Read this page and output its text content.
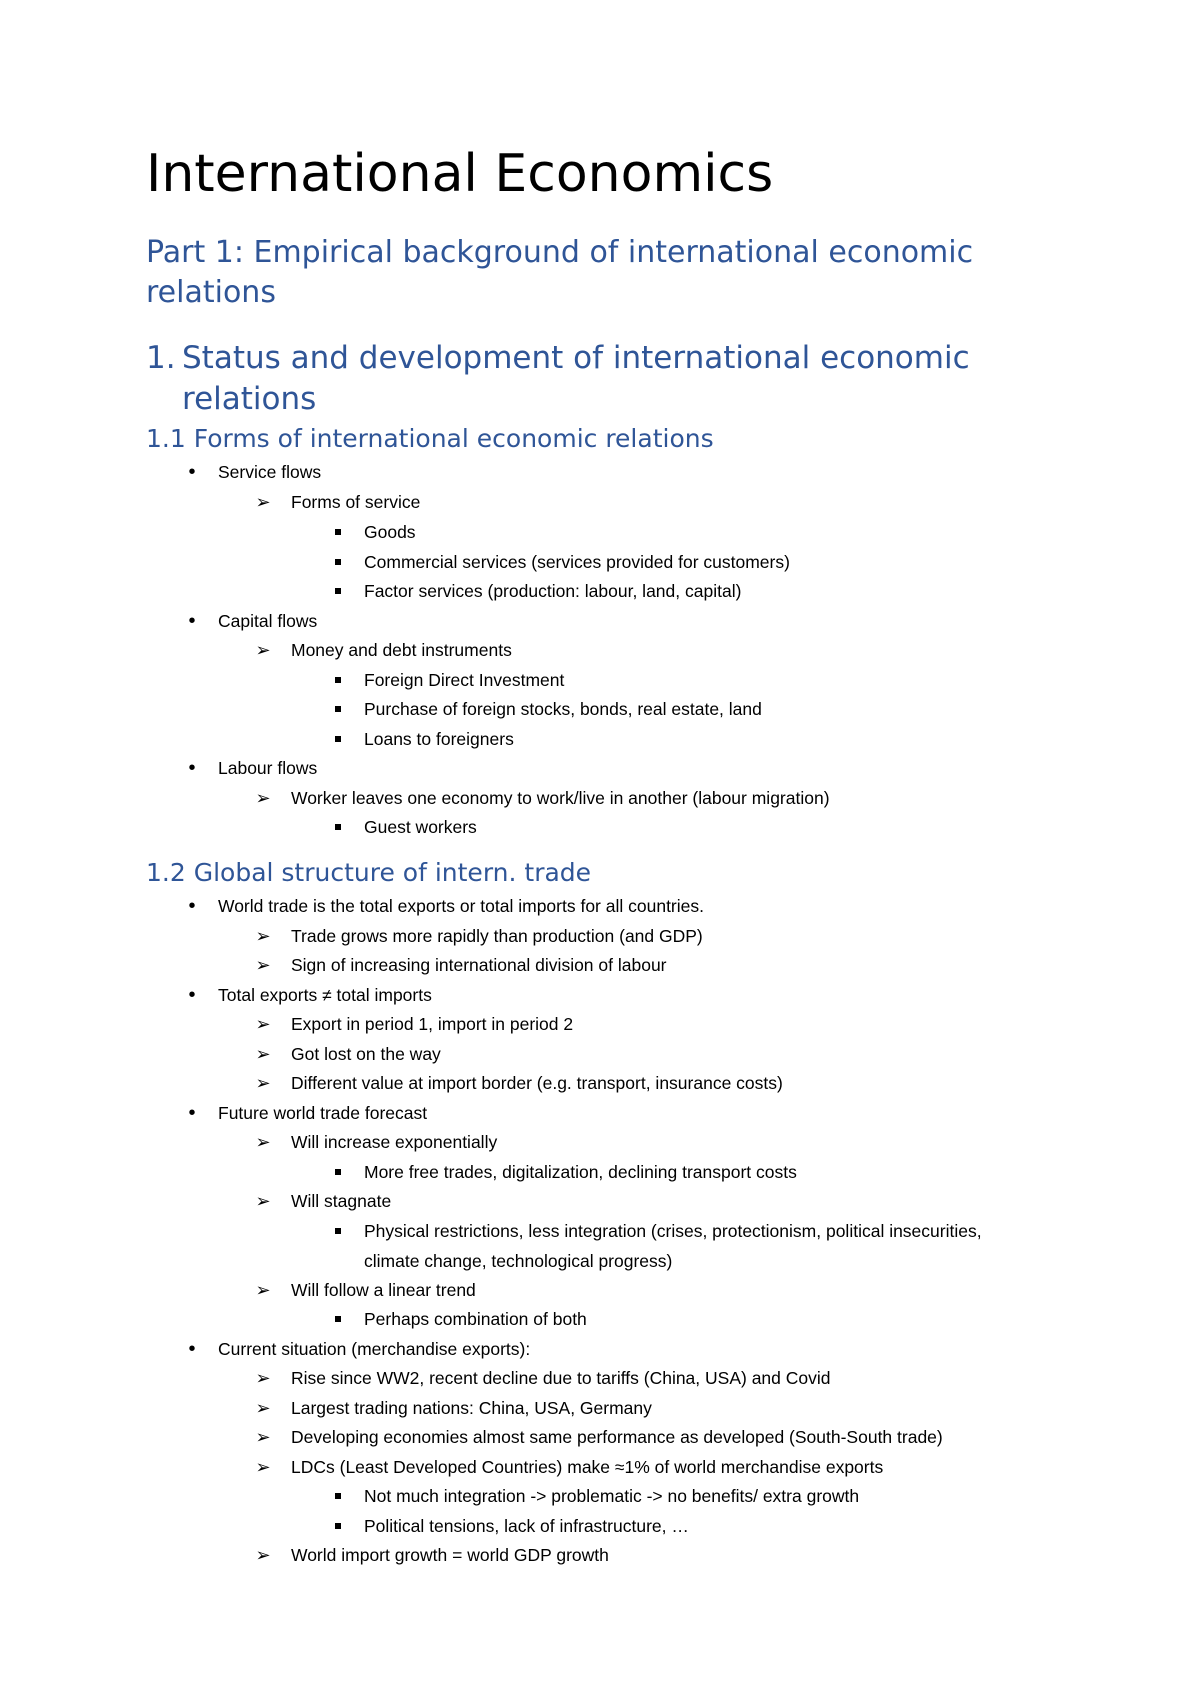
International Economics
Part 1: Empirical background of international economic relations
1. Status and development of international economic relations
1.1 Forms of international economic relations
•
Service flows
➢
Forms of service
Goods
Commercial services (services provided for customers)
Factor services (production: labour, land, capital)
•
Capital flows
➢
Money and debt instruments
Foreign Direct Investment
Purchase of foreign stocks, bonds, real estate, land
Loans to foreigners
•
Labour flows
➢
Worker leaves one economy to work/live in another (labour migration)
Guest workers
1.2 Global structure of intern. trade
•
World trade is the total exports or total imports for all countries.
➢
Trade grows more rapidly than production (and GDP)
➢
Sign of increasing international division of labour
•
Total exports ≠ total imports
➢
Export in period 1, import in period 2
➢
Got lost on the way
➢
Different value at import border (e.g. transport, insurance costs)
•
Future world trade forecast
➢
Will increase exponentially
More free trades, digitalization, declining transport costs
➢
Will stagnate
Physical restrictions, less integration (crises, protectionism, political insecurities, climate change, technological progress)
➢
Will follow a linear trend
Perhaps combination of both
•
Current situation (merchandise exports):
➢
Rise since WW2, recent decline due to tariffs (China, USA) and Covid
➢
Largest trading nations: China, USA, Germany
➢
Developing economies almost same performance as developed (South-South trade)
➢
LDCs (Least Developed Countries) make ≈1% of world merchandise exports
Not much integration -> problematic -> no benefits/ extra growth
Political tensions, lack of infrastructure, …
➢
World import growth = world GDP growth
